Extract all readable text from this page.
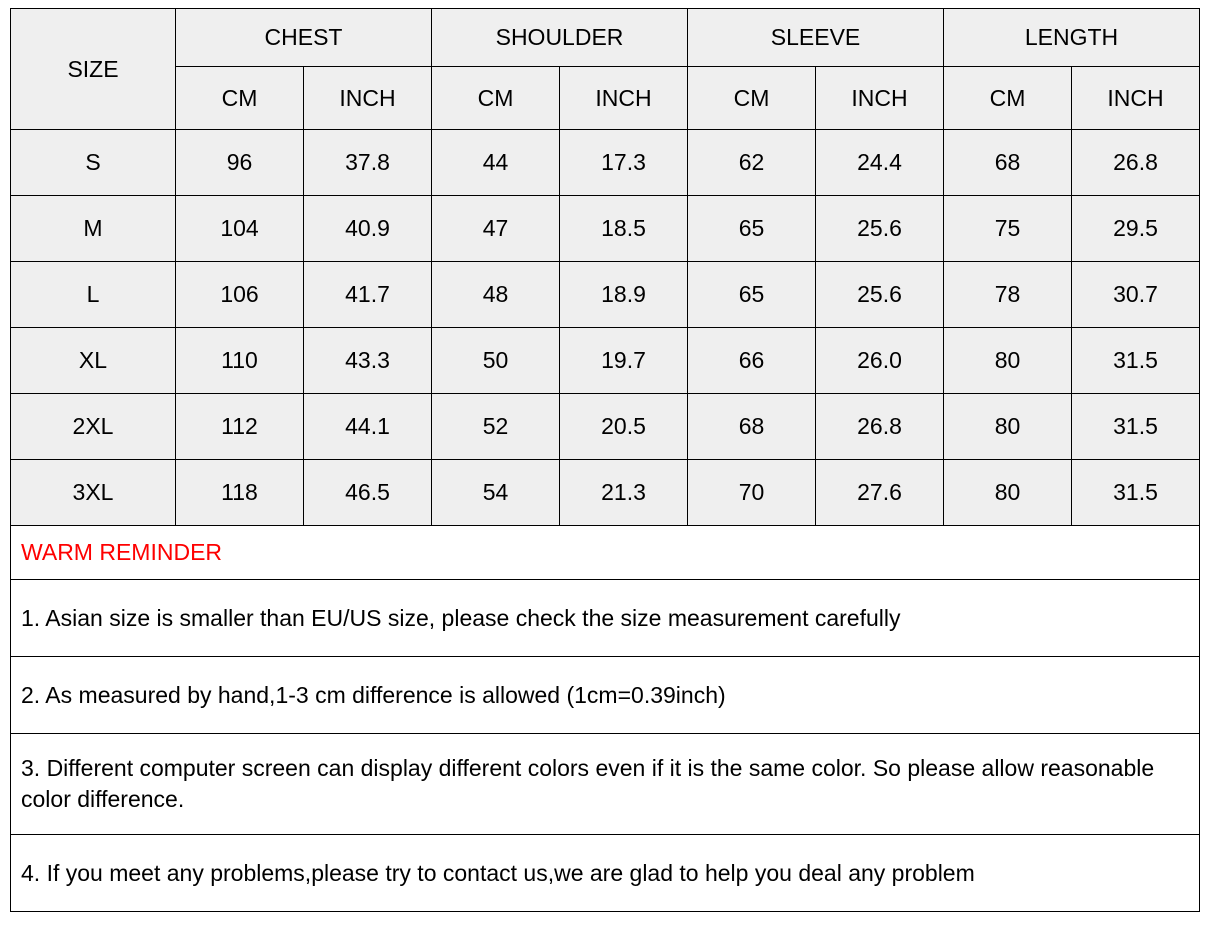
SIZE	CHEST		SHOULDER		SLEEVE		LENGTH	
	CM	INCH	CM	INCH	CM	INCH	CM	INCH
S	96	37.8	44	17.3	62	24.4	68	26.8
M	104	40.9	47	18.5	65	25.6	75	29.5
L	106	41.7	48	18.9	65	25.6	78	30.7
XL	110	43.3	50	19.7	66	26.0	80	31.5
2XL	112	44.1	52	20.5	68	26.8	80	31.5
3XL	118	46.5	54	21.3	70	27.6	80	31.5
WARM REMINDER
1. Asian size is smaller than EU/US size, please check the size measurement carefully
2. As measured by hand,1-3 cm difference is allowed (1cm=0.39inch)
3. Different computer screen can display different colors even if it is the same color. So please allow reasonable color difference.
4. If you meet any problems,please try to contact us,we are glad to help you deal any problem
